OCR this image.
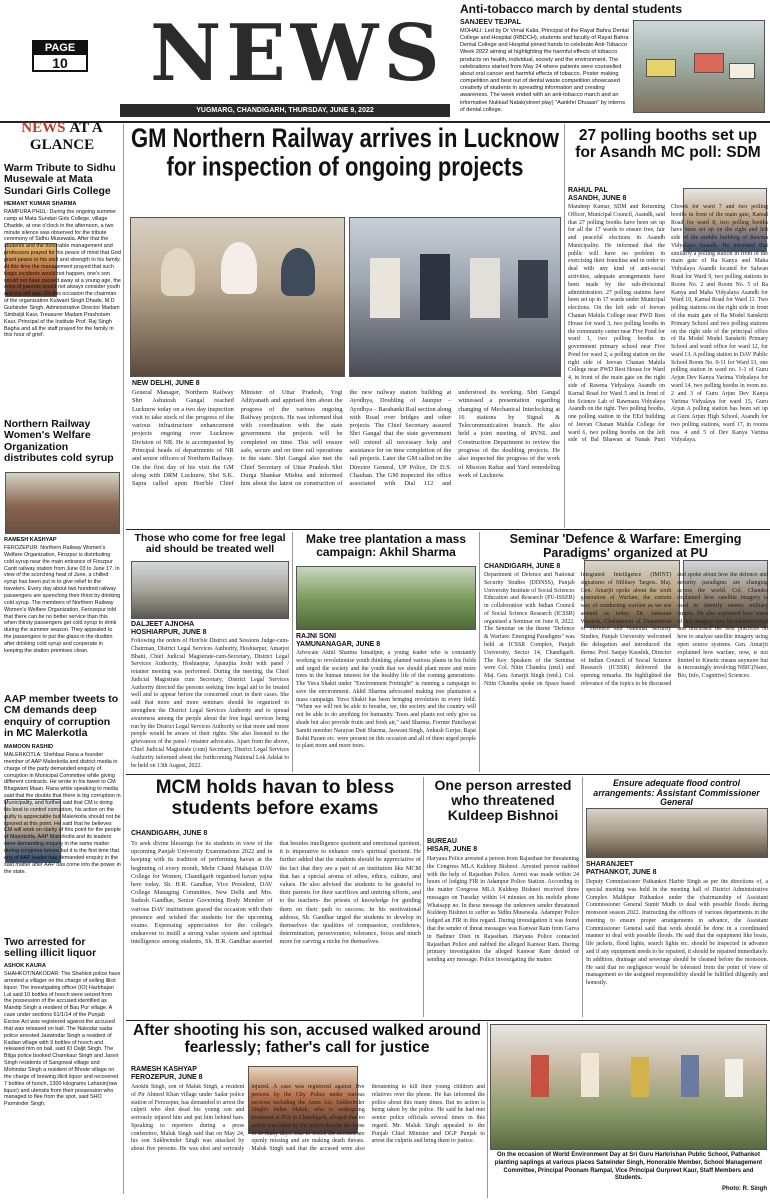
PAGE
10 NEWS
YUGMARG, CHANDIGARH, THURSDAY, JUNE 9, 2022
Anti-tobacco march by dental students
SANJEEV TEJPAL
MOHALI: Led by Dr Vimal Kalia, Principal of the Rayat Bahra Dental College and Hospital (RBDCH), students and faculty of Rayat Bahra Dental College and Hospital joined hands to celebrate Anti-Tobacco Week 2022 aiming at highlighting the harmful effects of tobacco products on health, individual, society and the environment. The celebrations started from May 24 where patients were counselled about oral cancer and harmful effects of tobacco. Poster making competition and best out of dental waste competition showcased creativity of students in spreading information and creating awareness. The week ended with an anti-tobacco march and an informative Nukkad Natak(street play) "Aankhri Dhuaan" by interns of dental college.
NEWS AT A
GLANCE
Warm Tribute to Sidhu Musewale at Mata Sundari Girls College
HEMANT KUMAR SHARMA
RAMPURA PHUL: During the ongoing summer camp at Mata Sundari Girls College, village Dhadde, at one o'clock in the afternoon, a two minute silence was observed for the tribute ceremony of Sidhu Musewala. After that the students and the honorable management and professors prayed for his peace of mind that God grant peace to his soul and strength to his family. At this time the management prayed that such tragic incidents would not happen, one's son would not have passed away at a young age, the sons of parents would not always consider youth and cry old age. On this occasion the chairman of the organization Kulwant Singh Dhade, M.D Gurbinder Singh, Administrative Director Madam Simbaljit Kaur, Treasurer Madam Prashotam Kaur, Principal of the Institute Prof. Raj Singh Bagha and all the staff prayed for the family in this hour of grief.
Northern Railway Women's Welfare Organization distributes cold syrup
RAMESH KASHYAP
FEROZEPUR: Northern Railway Women's Welfare Organization, Firozpur is distributing cold syrup near the main entrance of Firozpur Cantt railway station from June 03 to June 17. In view of the scorching heat of June, a chilled syrup has been put in to give relief to the travelers. Every day about two hundred railway passengers are quenching their thirst by drinking cold syrup. The members of Northern Railway Women's Welfare Organization, Ferozepur told that there can be no better service than this when thirsty passengers get cold syrup to drink during the summer season. They appealed to the passengers to put the glass in the dustbin after drinking cold syrup and cooperate in keeping the station premises clean.
AAP member tweets to CM demands deep enquiry of corruption in MC Malerkotla
MAMOON RASHID
MALERKOTLA: Shehbaz Rana a founder member of AAP Malerkotla and district media in charge of the party demanded enquiry of corruption in Municipal Committee while giving different contracts. He wrote in his tweet to CM Bhagwant Maan. Rana while speaking to media said that the doubts that there is big corruption in Municipality, and further said that CM is doing his best to control corruption, his action on the guilty is appreciable but Malerkotla should not be ignored at this point. He said that he believes CM will work on clarity of this point for the people of Malerkotla. AAP Malerkotla and its leaders were demanding enquiry in the same matter during congress tenure but it is the first time that any of AAP leader has demanded enquiry in the said matter after AAP has come into the power in the state.
Two arrested for selling illicit liquor
ASHOK KAURA
SHAHKOT/NAKODAR: The Shahkot police have arrested a villager on the charge of selling illicit liquor. The investigating officer (IO) Harbhajan Lal said 10 bottles of hooch were seized from the possession of the accused identified as Mandip Singh a resident of Bau Pur village. A case under sections 61/1/14 of the Punjab Excise Act was registered against the accused that was released on bail. The Nakodar sadar police arrested Jaswindar Singh a resident of Kadian village with 9 bottles of hooch and released him on bail, said IO Daljit Singh. The Bilga police booked Chamkaur Singh and Jasvir Singh residents of Sangowal village and Mohindar Singh a resident of Bhode village on the charge of brewing illicit liquor and recovered 7 bottles of hooch, 1300 kilograms Lahanin(raw liquor) and utensils from their possession who managed to flee from the spot, said SHO Parminder Singh.
GM Northern Railway arrives in Lucknow for inspection of ongoing projects
NEW DELHI, JUNE 8
General Manager, Northern Railway Shri Ashutosh Gangal reached Lucknow today on a two day inspection visit to take stock of the progress of the various infrastructure enhancement projects ongoing over Lucknow Division of NR. He is accompanied by Principal heads of departments of NR and senior officers of Northern Railway. On the first day of his visit the GM along with DRM Lucknow, Shri S.K. Sapra called upon Hon'ble Chief Minister of Uttar Pradesh, Yogi Adityanath and apprised him about the progress of the various ongoing Railway projects. He was informed that with coordination with the state government the projects will be completed on time. This will ensure safe, secure and on time rail operations in the state. Shri Gangal also met the Chief Secretary of Uttar Pradesh Shri Durga Shankar Mishra and informed him about the latest on construction of the new railway station building at Ayodhya, Doubling of Jaunpur – Ayodhya – Barabanki Rail section along with Road over bridges and other projects. The Chief Secretary assured Shri Gangal that the state government will extend all necessary help and assistance for on time completion of the rail projects. Later the GM called on the Director General, UP Police, Dr D.S. Chauhan. The GM inspected the office associated with Dial 112 and understood its working. Shri Gangal witnessed a presentation regarding changing of Mechanical Interlocking at 16 stations by Signal & Telecommunication branch. He also held a joint meeting of RVNL and Construction Department to review the progress of the doubling projects. He also inspected the progress of the work of Mission Raftar and Yard remodeling work of Lucknow.
27 polling booths set up for Asandh MC poll: SDM
RAHUL PAL
ASANDH, JUNE 8
Mandeep Kumar, SDM and Returning Officer, Municipal Council, Asandh, said that 27 polling booths have been set up for all the 17 wards to ensure free, fair and peaceful elections in Asandh Municipality. He informed that the public will have no problem in exercising their franchise and in order to deal with any kind of anti-social activities, adequate arrangements have been made by the sub-divisional administration. 27 polling stations have been set up in 17 wards under Municipal elections. On the left side of Jeevan Chanan Mahila College near PWD Rest House for ward 3, two polling booths in the community center near Five Pond for ward 1, two polling booths in government primary school near Five Pond for ward 2, a polling station on the right side of Jeevan Chanan Mahila College near PWD Rest House for Ward 4, in front of the main gate on the right side of Rawma Vidyalaya Asandh on Karnal Road for Ward 5 and in front of the Science Lab of Rawmara Vidyalaya Asandh on the right. Two polling booths, one polling station in the EEd building of Jeevan Chanan Mahila College for ward 6, two polling booths on the left side of Bal Bhawan at Nanak Puni Chowk for ward 7 and two polling booths in front of the main gate, Kamal Road for ward 8, two polling booths have been set up on the right and left side of the middle building of Rawma Vidyalaya Asandh. He informed that similarly a polling station in front of the main gate of Ra Kanya and Maha Vidyalaya Asandh located for Salwan Road for Ward 9, two polling stations in Room No. 2 and Room No. 5 of Ra Kanya and Maha Vidyalaya Asandh for Ward 10, Karnal Road for Ward 11. Two polling stations on the right side in front of the main gate of Ra Model Sanskriti Primary School and two polling stations on the right side of the principal office of Ra Model Model Sanskriti Primary School and ward office for ward 12, for ward 13. A polling station in DAV Public School Room No. 0-11 for Ward 13, one polling station in ward no. 1-1 of Guru Arjun Dev Kanya Varima Vidyalaya for ward 14, two polling booths in room no. 2 and 3 of Guru Arjun Dev Kanya Varima Vidyalaya for ward 15, Guru Arjun A polling station has been set up at Guru Arjun High School, Asandh for two polling stations, ward 17, in rooms nos. 4 and 5 of Dev Kanya Varima Vidyalaya.
Those who come for free legal aid should be treated well
DALJEET AJNOHA
HOSHIARPUR, JUNE 8
Following the orders of Hon'ble District and Sessions Judge-cum-Chairman, District Legal Services Authority, Hoshiarpur, Amarjot Bhatti, Chief Judicial Magistrate-cum-Secretary, District Legal Services Authority, Hoshiarpur, Aparajita Joshi with panel / retainer meeting was performed. During the meeting, the Chief Judicial Magistrate cum Secretary, District Legal Services Authority directed the persons seeking free legal aid to be treated well and to appear before the concerned court in their cases. She said that more and more seminars should be organized to strengthen the District Legal Services Authority and to spread awareness among the people about the free legal services being run by the District Legal Services Authority so that more and more people would be aware of their rights. She also listened to the grievances of the panel / retainer advocates. Apart from the above, Chief Judicial Magistrate (cum) Secretary, District Legal Services Authority informed about the forthcoming National Lok Adalat to be held on 13th August, 2022.
Make tree plantation a mass campaign: Akhil Sharma
RAJNI SONI
YAMUNANAGAR, JUNE 8
Advocate Akhil Sharma Ismailpur, a young leader who is constantly working to revolutionise youth thinking, planted various plants in his fields and urged the society and the youth that we should plant more and more trees in the human interest for the healthy life of the coming generations. The Yuva Shakti under "Environment Fortnight" is running a campaign to save the environment. Akhil Sharma advocated making tree plantation a mass campaign. Yuva Shakti has been bringing revolution in every field. "When we will not be able to breathe, we, the society and the country will not be able to do anything for humanity. Trees and plants not only give us shade but also provide fruits and fresh air," said Sharma. Former Panchayat Samiti member Narayan Dutt Sharma, Jaswant Singh, Ankush Gurjar, Rajat Rohit Param etc. were present on this occasion and all of them urged people to plant more and more trees.
Seminar 'Defence & Warfare: Emerging Paradigms' organized at PU
CHANDIGARH, JUNE 8
Department of Defence and National Security Studies (DDNSS), Panjab University Institute of Social Sciences Education and Research (PU-ISSER) in collaboration with Indian Council of Social Science Research (ICSSR) organised a Seminar on June 8, 2022. The Seminar on the theme "Defence & Warfare: Emerging Paradigms" was held at ICSSR Complex, Panjab University, Sector 14, Chandigarh. The Key Speakers of the Seminar were Col. Nitin Chandra (retd.) and Maj. Gen. Amarjit Singh (retd.). Col. Nitin Chandra spoke on Space based Integrated Intelligence (IMINT) signatures of Military Targets. Maj. Gen. Amarjit spoke about the sixth generation of Warfare, the current way of conducting warfare as we see around us today. Dr. Jaskaran Waraich, Chairperson of Department of Defence and National Security Studies, Panjab University welcomed the delegation and introduced the theme. Prof. Sanjay Kaushik, Director of Indian Council of Social Science Research (ICSSR) delivered the opening remarks. He highlighted the relevance of the topics to be discussed and spoke about how the defence and security paradigms are changing across the world. Col. Chandra explained how satellite imagery is used to identify enemy military targets. He also explained how some of this imagery may be misinterpreted and discussed the best practices on how to analyse satellite imagery using open source systems. Gen. Amarjit explained how warfare, now, is not limited to Kinetic means anymore but is increasingly involving NBIC(Nano, Bio, Info, Cognitive) Sciences.
MCM holds havan to bless students before exams
CHANDIGARH, JUNE 8
To seek divine blessings for its students in view of the upcoming Panjab University Examinations 2022 and in keeping with its tradition of performing havan at the beginning of every month, Mehr Chand Mahajan DAV College for Women, Chandigarh organised havan yajna here today. Sh. H.R. Gandhar, Vice President, DAV College Managing Committee, New Delhi and Mrs. Sudesh Gandhar, Senior Governing Body Member of various DAV institutions graced the occasion with their presence and wished the students for the upcoming exams. Expressing appreciation for the college's endeavour to instill a strong value system and spiritual intelligence among students, Sh. H.R. Gandhar asserted that besides intelligence quotient and emotional quotient, it is imperative to enhance one's spiritual quotient. He further added that the students should be appreciative of the fact that they are a part of an institution like MCM that has a special aroma of ethos, ethics, culture, and values. He also advised the students to be grateful to their parents for their sacrifices and untiring efforts, and to the teachers- the priests of knowledge for guiding them on their path to success. In his motivational address, Sh. Gandhar urged the students to develop in themselves the qualities of compassion, confidence, determination, perseverance, tolerance, focus and much more for carving a niche for themselves.
One person arrested who threatened Kuldeep Bishnoi
BUREAU
HISAR, JUNE 8
Haryana Police arrested a person from Rajasthan for threatening the Congress MLA Kuldeep Bishnoi. Arrested person nabbed with the help of Rajasthan Police. Arrest was made within 24 hours of lodging FIR in Adampur Police Station. According to the matter Congress MLA Kuldeep Bishnoi received three messages on Tuesday within 14 minutes on his mobile phone Whatsapp no. In these message the unknown sender threatened Kuldeep Bishnoi to suffer as Sidhu Musewala. Adampur Police lodged an FIR in this regard. During investigation it was found that the sender of threat messages was Kanwar Ram from Garva in Badmer Distt in Rajasthan. Haryana Police contacted Rajasthan Police and nabbed the alleged Kanwar Ram. During primary investigation the alleged Kanwar Ram denied of sending any message. Police investigating the matter.
Ensure adequate flood control arrangements: Assistant Commissioner General
SHARANJEET
PATHANKOT, JUNE 8
Deputy Commissioner Pathankot Harbir Singh as per the directions of, a special meeting was held in the meeting hall of District Administrative Complex Malikpur Pathankot under the chairmanship of Assistant Commissioner General Sumit Mudh to deal with possible floods during monsoon season 2022. Instructing the officers of various departments in the meeting to ensure proper arrangements in advance, the Assistant Commissioner General said that work should be done in a coordinated manner to deal with possible floods. He said that the equipment like boats, life jackets, flood lights, search lights etc. should be inspected in advance and if any equipment needs to be repaired, it should be repaired immediately. In addition, drainage and sewerage should be cleaned before the monsoon. He said that no negligence would be tolerated from the point of view of management so the assigned responsibility should be fulfilled diligently and honestly.
After shooting his son, accused walked around fearlessly; father's call for justice
RAMESH KASHYAP
FEROZEPUR, JUNE 8
Anokhi Singh, son of Maluk Singh, a resident of Pir Ahmed Khan village under Sadar police station of Ferozepur, has demanded to arrest the culprit who shot dead his young son and seriously injured him and put him behind bars. Speaking to reporters during a press conference, Maluk Singh said that on May 24, his son Sukhwinder Singh was attacked by about five persons. He was shot and seriously injured. A case was registered against five persons by the City Police under various sections including the Arms Act. Sukhwinder Singh's father Maluk, who is undergoing treatment at PGI in Chandigarh, alleged that no action was taken by the police despite the lapse of so many days. Due to which the accused are openly missing and are making death threats. Maluk Singh said that the accused were also threatening to kill their young children and relatives over the phone. He has informed the police about this many times. But no action is being taken by the police. He said he had met senior police officials several times in this regard. Mr. Maluk Singh appealed to the Punjab Chief Minister and DGP Punjab to arrest the culprits and bring them to justice.
On the occasion of World Environment Day at Sri Guru Harkrishan Public School, Pathankot planting saplings at various places Satwinder Singh, Honorable Member, School Management Committee, Principal Poonam Rampal, Vice Principal Gurpreet Kaur, Staff Members and Students.
Photo: R. Singh
